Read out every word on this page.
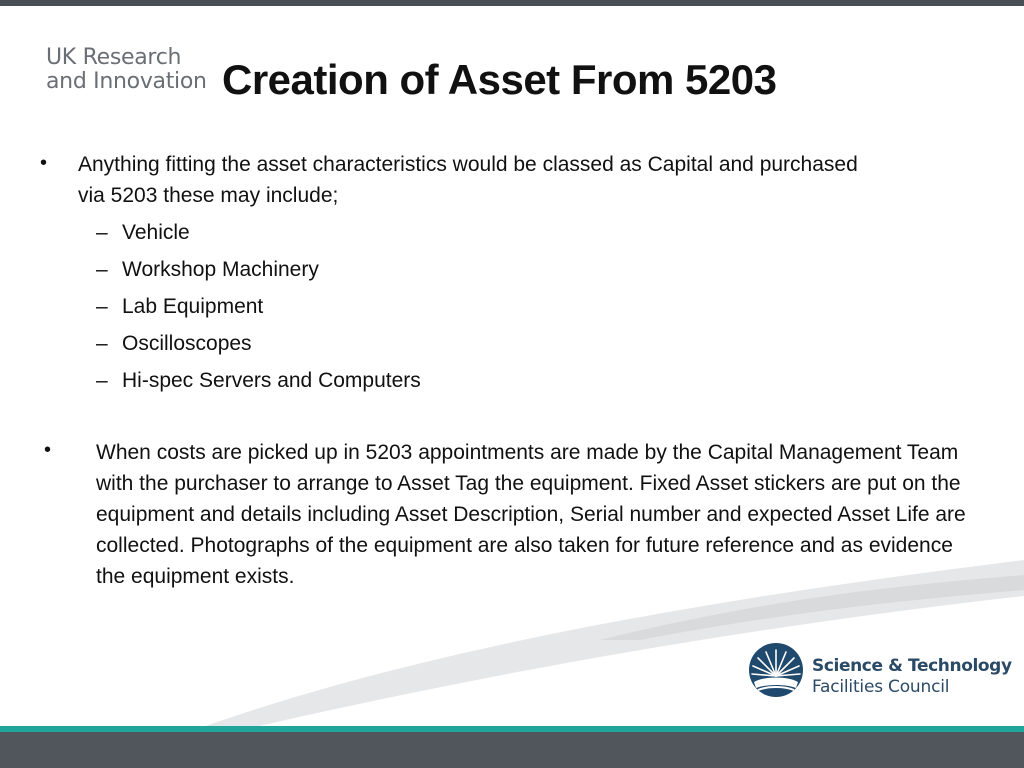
UK Research
and Innovation Creation of Asset From 5203
• Anything fitting the asset characteristics would be classed as Capital and purchased via 5203 these may include;
– Vehicle
– Workshop Machinery
– Lab Equipment
– Oscilloscopes
– Hi-spec Servers and Computers
• When costs are picked up in 5203 appointments are made by the Capital Management Team with the purchaser to arrange to Asset Tag the equipment. Fixed Asset stickers are put on the equipment and details including Asset Description, Serial number and expected Asset Life are collected. Photographs of the equipment are also taken for future reference and as evidence the equipment exists.
Science & Technology
Facilities Council
